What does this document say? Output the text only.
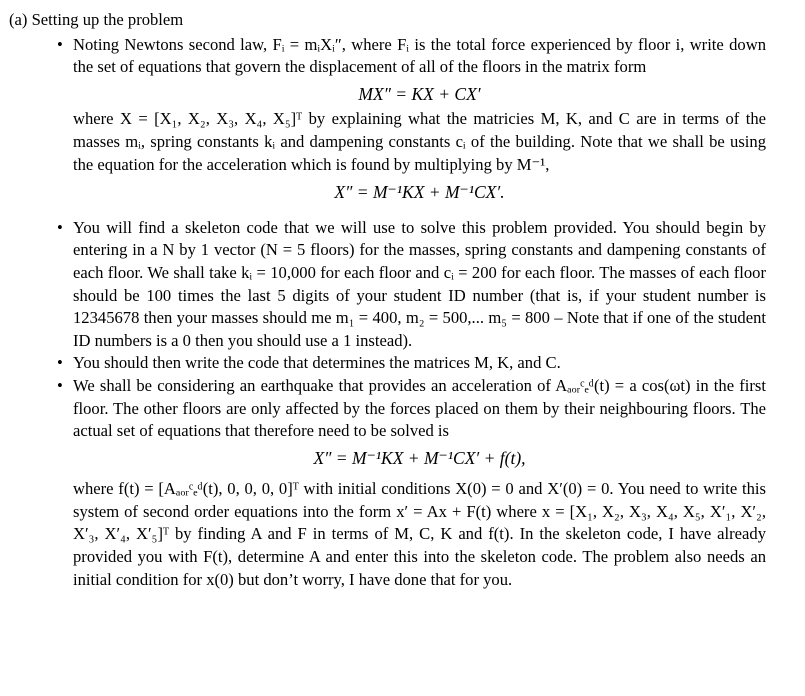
(a) Setting up the problem
• Noting Newtons second law, Fᵢ = mᵢXᵢ″, where Fᵢ is the total force experienced by floor i, write down the set of equations that govern the displacement of all of the floors in the matrix form
MX″ = KX + CX′
where X = [X₁, X₂, X₃, X₄, X₅]ᵀ by explaining what the matricies M, K, and C are in terms of the masses mᵢ, spring constants kᵢ and dampening constants cᵢ of the building. Note that we shall be using the equation for the acceleration which is found by multiplying by M⁻¹,
X″ = M⁻¹KX + M⁻¹CX′.
• You will find a skeleton code that we will use to solve this problem provided. You should begin by entering in a N by 1 vector (N = 5 floors) for the masses, spring constants and dampening constants of each floor. We shall take kᵢ = 10,000 for each floor and cᵢ = 200 for each floor. The masses of each floor should be 100 times the last 5 digits of your student ID number (that is, if your student number is 12345678 then your masses should me m₁ = 400, m₂ = 500,... m₅ = 800 – Note that if one of the student ID numbers is a 0 then you should use a 1 instead).
• You should then write the code that determines the matrices M, K, and C.
• We shall be considering an earthquake that provides an acceleration of Aₐₒᵣᶜₑᵈ(t) = a cos(ωt) in the first floor. The other floors are only affected by the forces placed on them by their neighbouring floors. The actual set of equations that therefore need to be solved is
X″ = M⁻¹KX + M⁻¹CX′ + f(t),
where f(t) = [Aₐₒᵣᶜₑᵈ(t), 0, 0, 0, 0]ᵀ with initial conditions X(0) = 0 and X′(0) = 0. You need to write this system of second order equations into the form x′ = Ax + F(t) where x = [X₁, X₂, X₃, X₄, X₅, X′₁, X′₂, X′₃, X′₄, X′₅]ᵀ by finding A and F in terms of M, C, K and f(t). In the skeleton code, I have already provided you with F(t), determine A and enter this into the skeleton code. The problem also needs an initial condition for x(0) but don’t worry, I have done that for you.
